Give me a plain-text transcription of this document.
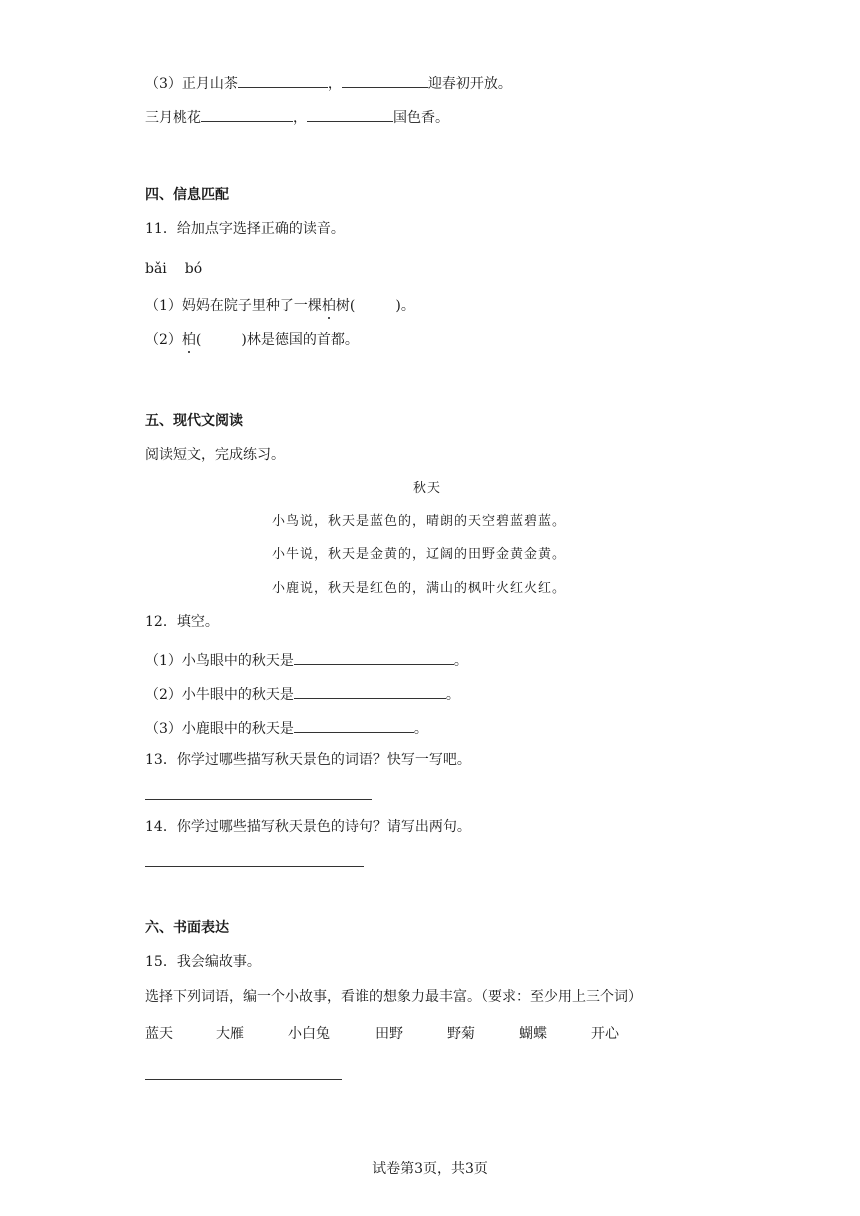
（3）正月山茶	，	迎春初开放。
三月桃花	，	国色香。
四、信息匹配
11．给加点字选择正确的读音。
bǎi bó
（1）妈妈在院子里种了一棵柏树(	)。
（2）柏(	)林是德国的首都。
五、现代文阅读
阅读短文，完成练习。
秋天
小鸟说，秋天是蓝色的，晴朗的天空碧蓝碧蓝。
小牛说，秋天是金黄的，辽阔的田野金黄金黄。
小鹿说，秋天是红色的，满山的枫叶火红火红。
12．填空。
（1）小鸟眼中的秋天是	。
（2）小牛眼中的秋天是	。
（3）小鹿眼中的秋天是	。
13．你学过哪些描写秋天景色的词语？快写一写吧。
14．你学过哪些描写秋天景色的诗句？请写出两句。
六、书面表达
15．我会编故事。
选择下列词语，编一个小故事，看谁的想象力最丰富。（要求：至少用上三个词）
蓝天	大雁	小白兔	田野	野菊	蝴蝶	开心
试卷第3页，共3页
